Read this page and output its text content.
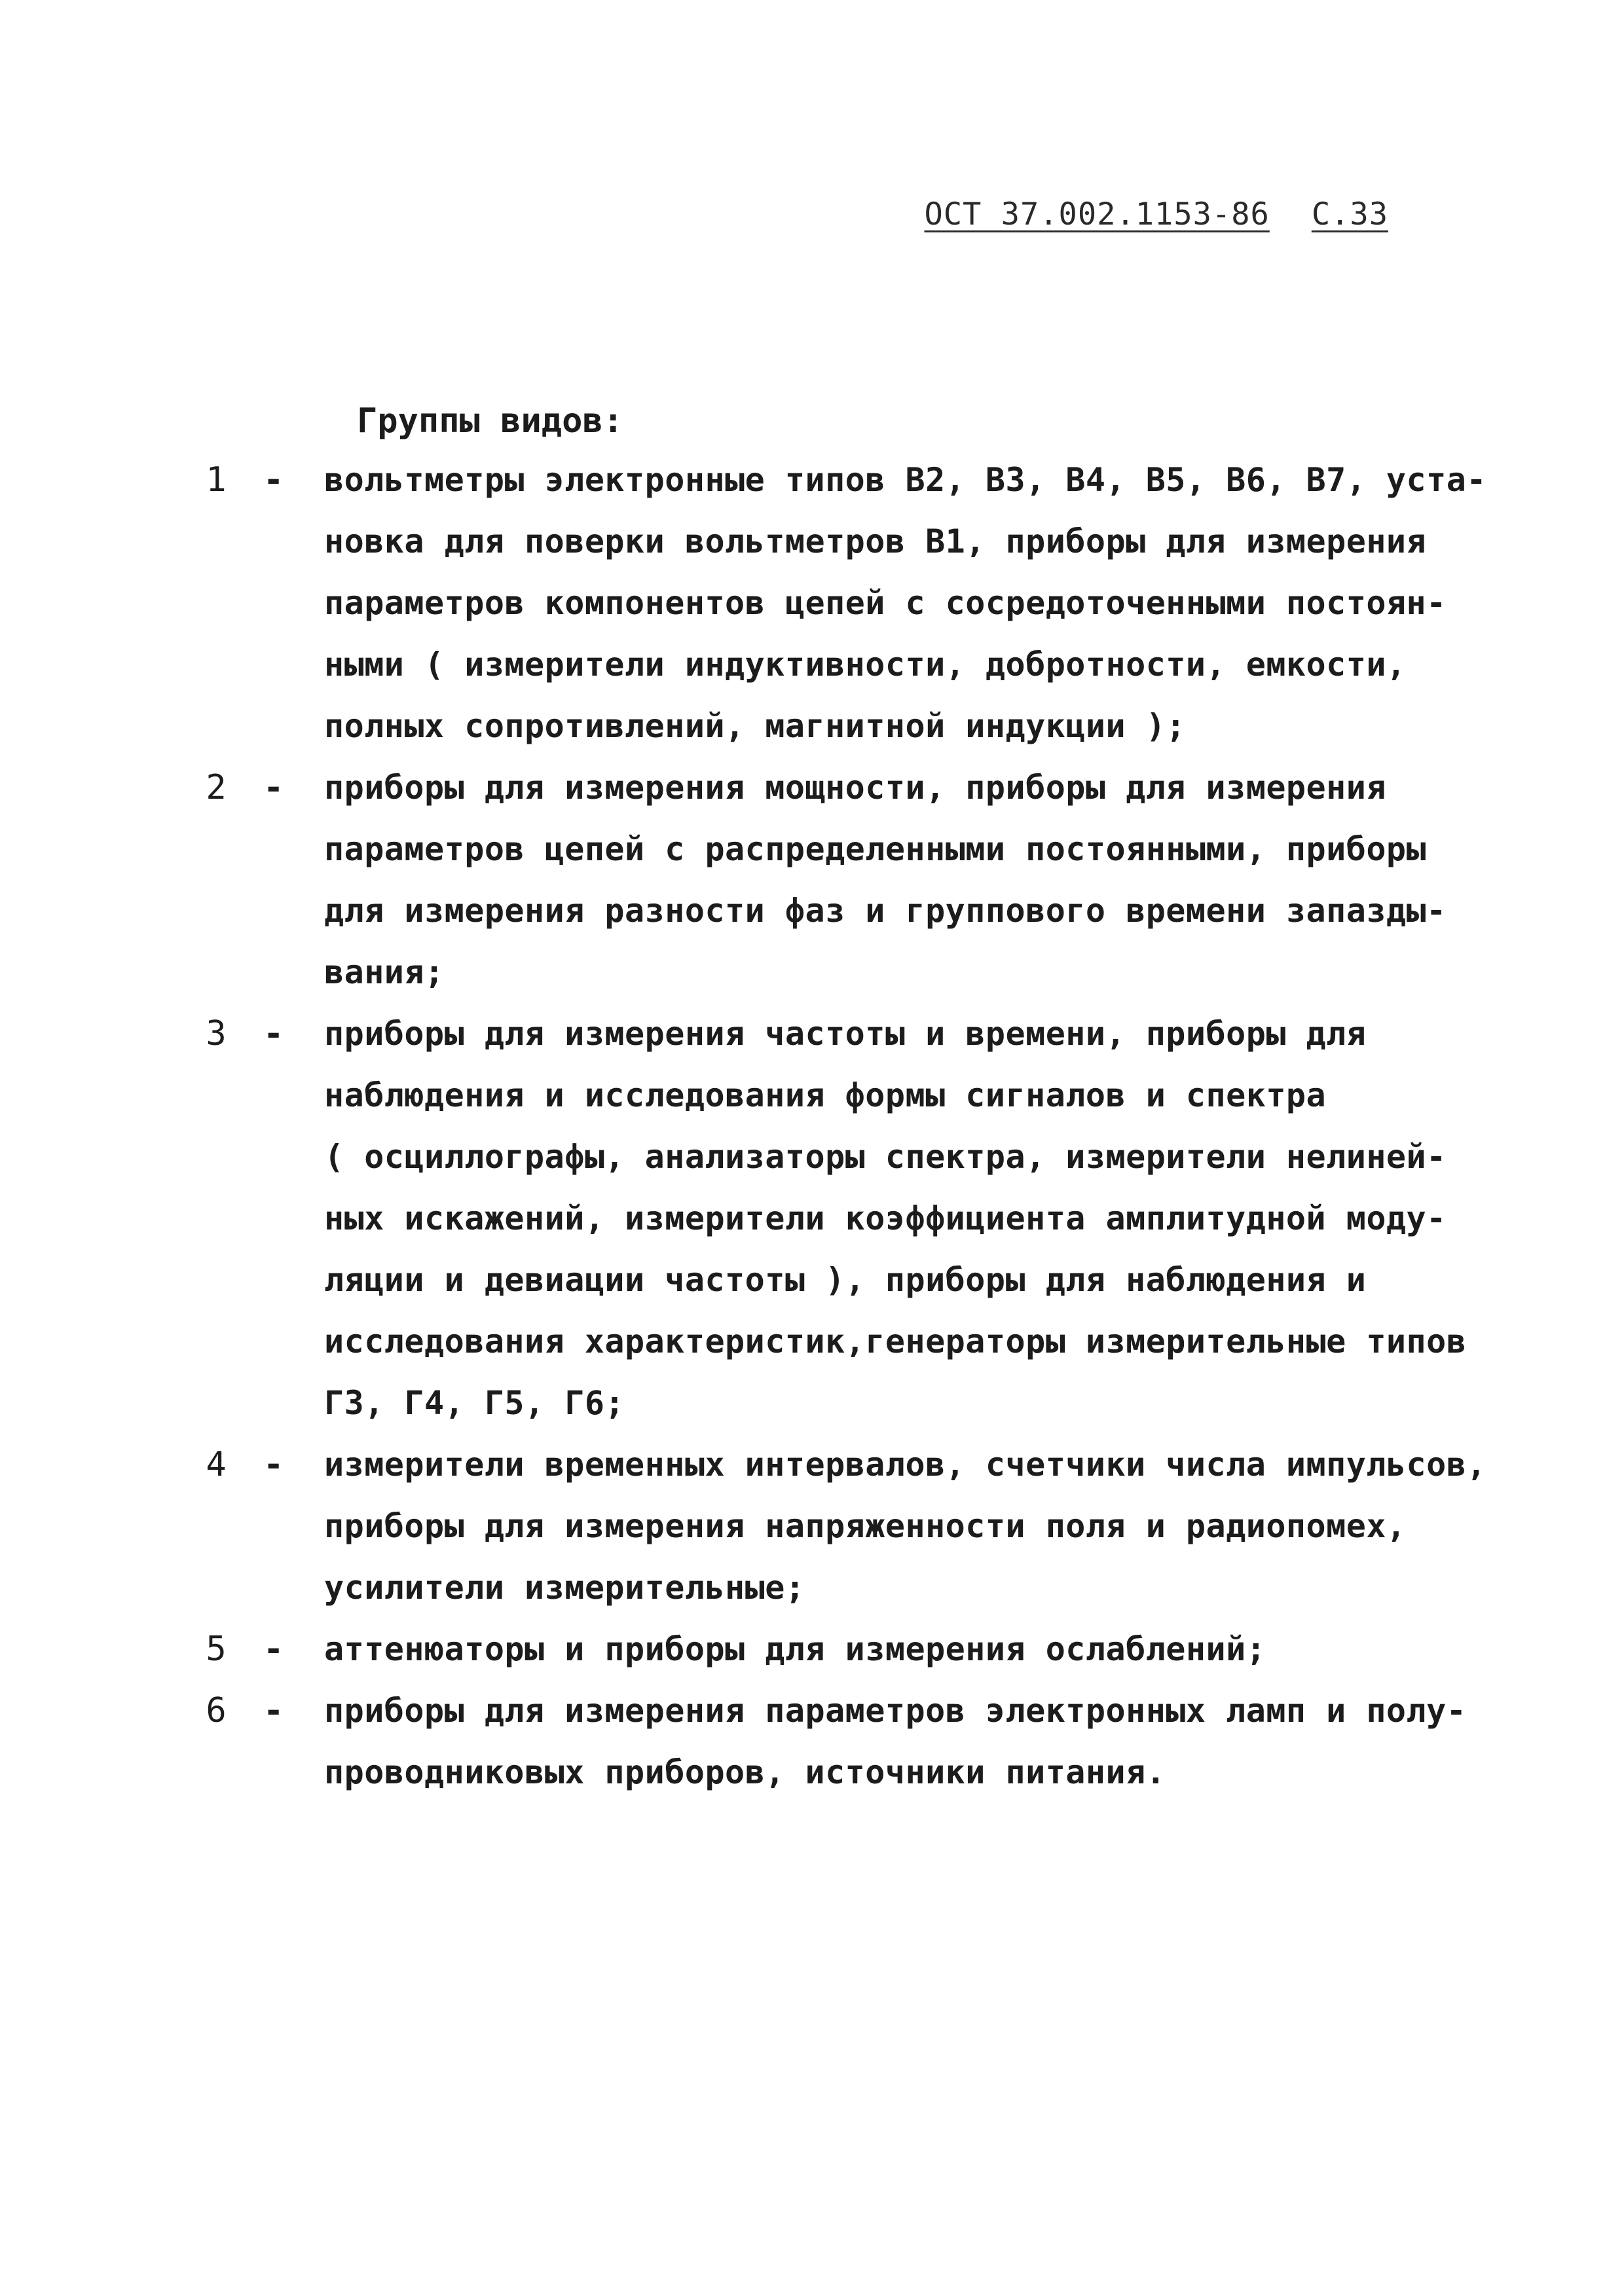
ОСТ 37.002.1153-86 С.33
Группы видов:
1 - вольтметры электронные типов В2, В3, В4, В5, В6, В7, уста-
новка для поверки вольтметров В1, приборы для измерения
параметров компонентов цепей с сосредоточенными постоян-
ными ( измерители индуктивности, добротности, емкости,
полных сопротивлений, магнитной индукции );
2 - приборы для измерения мощности, приборы для измерения
параметров цепей с распределенными постоянными, приборы
для измерения разности фаз и группового времени запазды-
вания;
3 - приборы для измерения частоты и времени, приборы для
наблюдения и исследования формы сигналов и спектра
( осциллографы, анализаторы спектра, измерители нелиней-
ных искажений, измерители коэффициента амплитудной моду-
ляции и девиации частоты ), приборы для наблюдения и
исследования характеристик,генераторы измерительные типов
Г3, Г4, Г5, Г6;
4 - измерители временных интервалов, счетчики числа импульсов,
приборы для измерения напряженности поля и радиопомех,
усилители измерительные;
5 - аттенюаторы и приборы для измерения ослаблений;
6 - приборы для измерения параметров электронных ламп и полу-
проводниковых приборов, источники питания.
